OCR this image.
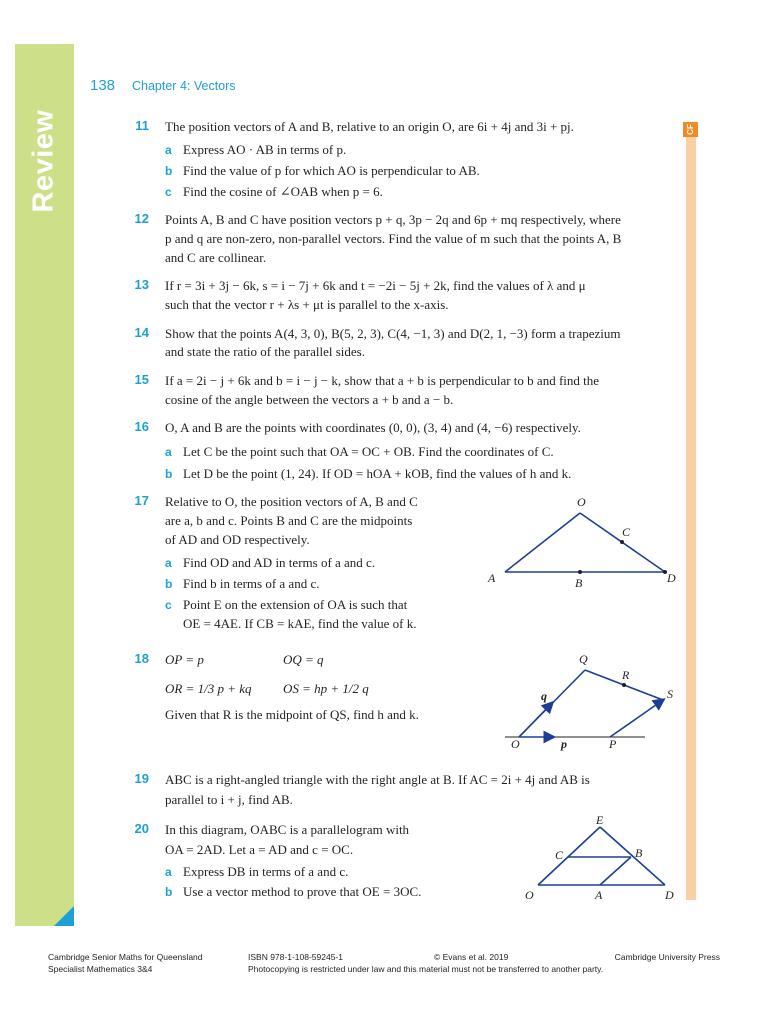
Review
138 Chapter 4: Vectors
CF
11 The position vectors of A and B, relative to an origin O, are 6i + 4j and 3i + pj.
a Express AO · AB in terms of p.
b Find the value of p for which AO is perpendicular to AB.
c Find the cosine of ∠OAB when p = 6.
12 Points A, B and C have position vectors p + q, 3p − 2q and 6p + mq respectively, where
p and q are non-zero, non-parallel vectors. Find the value of m such that the points A, B
and C are collinear.
13 If r = 3i + 3j − 6k, s = i − 7j + 6k and t = −2i − 5j + 2k, find the values of λ and μ
such that the vector r + λs + μt is parallel to the x-axis.
14 Show that the points A(4, 3, 0), B(5, 2, 3), C(4, −1, 3) and D(2, 1, −3) form a trapezium
and state the ratio of the parallel sides.
15 If a = 2i − j + 6k and b = i − j − k, show that a + b is perpendicular to b and find the
cosine of the angle between the vectors a + b and a − b.
16 O, A and B are the points with coordinates (0, 0), (3, 4) and (4, −6) respectively.
a Let C be the point such that OA = OC + OB. Find the coordinates of C.
b Let D be the point (1, 24). If OD = hOA + kOB, find the values of h and k.
17 Relative to O, the position vectors of A, B and C
are a, b and c. Points B and C are the midpoints
of AD and OD respectively.
a Find OD and AD in terms of a and c.
b Find b in terms of a and c.
c Point E on the extension of OA is such that
OE = 4AE. If CB = kAE, find the value of k.
O
C
A	B	D
18 OP = p	OQ = q
OR = 1/3 p + kq OS = hp + 1/2 q
Given that R is the midpoint of QS, find h and k.
Q
R
S
O	P
p
q
19 ABC is a right-angled triangle with the right angle at B. If AC = 2i + 4j and AB is
parallel to i + j, find AB.
20 In this diagram, OABC is a parallelogram with
OA = 2AD. Let a = AD and c = OC.
a Express DB in terms of a and c.
b Use a vector method to prove that OE = 3OC.
E
C	B
O	A	D
Cambridge Senior Maths for Queensland
Specialist Mathematics 3&4
ISBN 978-1-108-59245-1	© Evans et al. 2019	Cambridge University Press
Photocopying is restricted under law and this material must not be transferred to another party.
